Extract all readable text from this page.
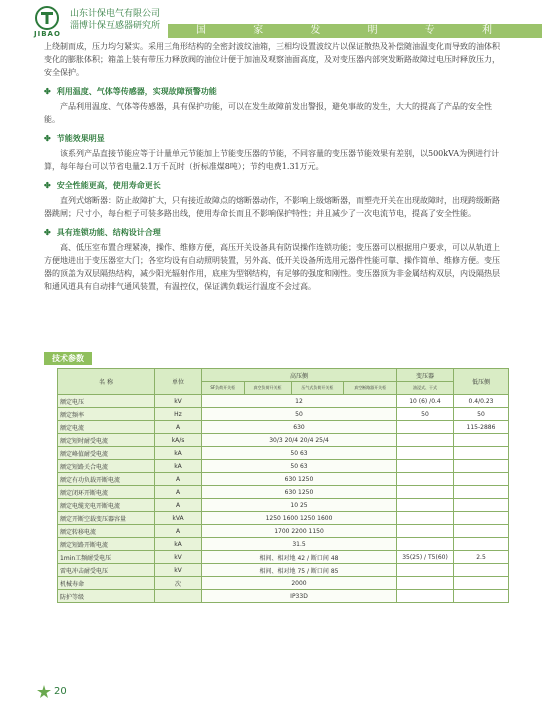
JIBAO
山东计保电气有限公司
淄博计保互感器研究所	国 家 发 明 专 利

上绕制而成，压力均匀紧实。采用三角形结构的全密封波纹油箱，三相均设置波纹片以保证散热及补偿随油温变化而导致的油体积变化的膨胀体积；箱盖上装有带压力释放阀的油位计便于加油及观察油面高度，及对变压器内部突发断路故障过电压时释放压力，安全保护。

✤ 利用温度、气体等传感器，实现故障预警功能

产品利用温度、气体等传感器，具有保护功能，可以在发生故障前发出警报，避免事故的发生，大大的提高了产品的安全性能。

✤ 节能效果明显

该系列产品直接节能应等于计量单元节能加上节能变压器的节能，不同容量的变压器节能效果有差别，以500kVA为例进行计算，每年每台可以节省电量2.1万千瓦时（折标准煤8吨）；节约电费1.31万元。

✤ 安全性能更高，使用寿命更长

直列式熔断器：防止故障扩大，只有接近故障点的熔断器动作，不影响上级熔断器，而塑壳开关在出现故障时，出现跨级断路器跳闸；尺寸小，每台柜子可装多路出线，使用寿命长而且不影响保护特性；并且减少了一次电流节电，提高了安全性能。

✤ 具有连锁功能、结构设计合理

高、低压室布置合理紧凑，操作、维修方便，高压开关设备具有防误操作连锁功能；变压器可以根据用户要求，可以从轨道上方便地进出于变压器室大门；各室均设有自动照明装置，另外高、低开关设备所选用元器件性能可靠、操作简单、维修方便。变压器的顶盖为双层隔热结构，减少阳光辐射作用，底座为型钢结构，有足够的强度和刚性。变压器顶为非金属结构双层，内设隔热层和通风道具有自动排气通风装置，有温控仪，保证满负载运行温度不会过高。

技术参数
名 称	单位	高压侧				变压器	低压侧
		SF负荷开关柜	真空负荷开关柜	压气式负荷开关柜	真空断路器开关柜	油浸式、干式	
额定电压	kV	12				10 (6) /0.4	0.4/0.23
额定频率	Hz	50				50	50
额定电流	A	630					115-2886
额定短时耐受电流	kA/s	30/3 20/4 20/4 25/4					
额定峰值耐受电流	kA	50 63					
额定短路关合电流	kA	50 63					
额定有功负载开断电流	A	630 1250					
额定闭环开断电流	A	630 1250					
额定电缆充电开断电流	A	10 25					
额定开断空载变压器容量	kVA	1250 1600 1250 1600					
额定转移电流	A	1700 2200 1150					
额定短路开断电流	kA	31.5					
1min工频耐受电压	kV	相间、相对地 42 / 断口间 48				35(25) / T5(60)	2.5
雷电冲击耐受电压	kV	相间、相对地 75 / 断口间 85					
机械寿命	次	2000					
防护等级		IP33D					
20
